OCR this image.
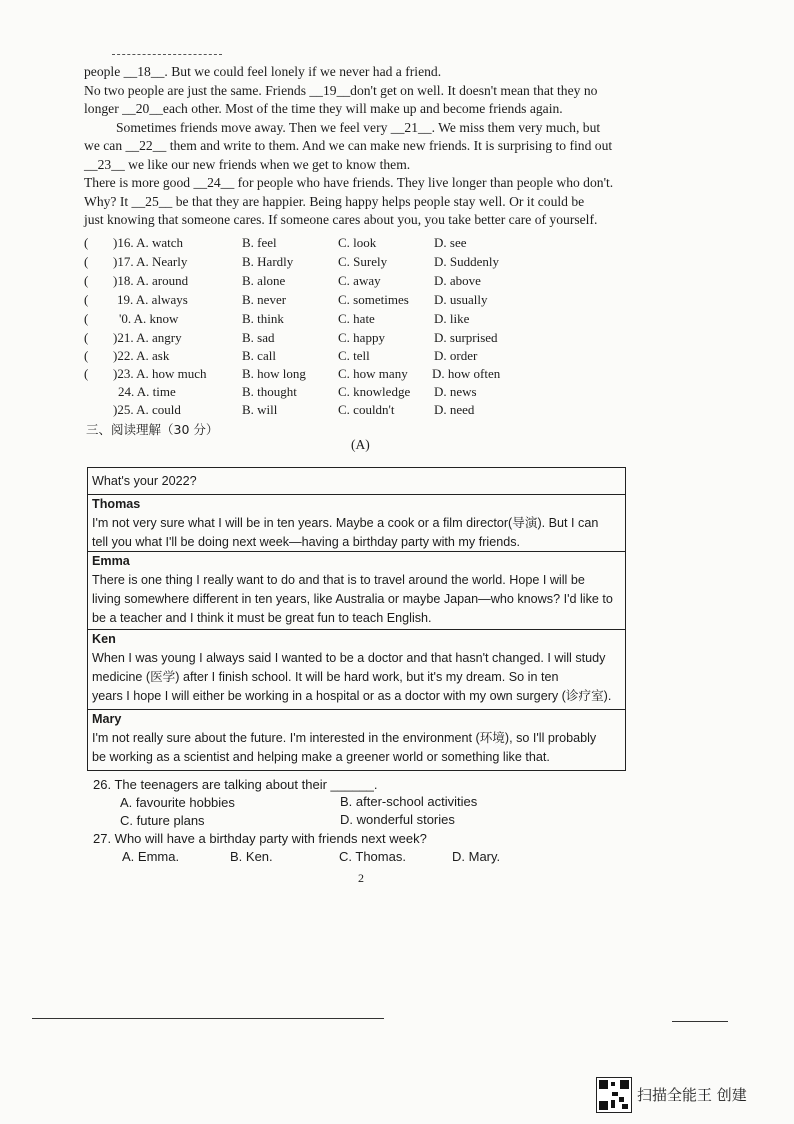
people __18__. But we could feel lonely if we never had a friend.

No two people are just the same. Friends __19__don't get on well. It doesn't mean that they no

longer __20__each other. Most of the time they will make up and become friends again.

Sometimes friends move away. Then we feel very __21__. We miss them very much, but

we can __22__ them and write to them. And we can make new friends. It is surprising to find out

__23__ we like our new friends when we get to know them.

There is more good __24__ for people who have friends. They live longer than people who don't.

Why? It __25__ be that they are happier. Being happy helps people stay well. Or it could be

just knowing that someone cares. If someone cares about you, you take better care of yourself.

( )16. A. watch	B. feel	C. look	D. see
( )17. A. Nearly	B. Hardly	C. Surely	D. Suddenly
( )18. A. around	B. alone	C. away	D. above
( 19. A. always	B. never	C. sometimes D. usually
( '0. A. know	B. think	C. hate	D. like
( )21. A. angry	B. sad	C. happy	D. surprised
( )22. A. ask	B. call	C. tell	D. order
( )23. A. how much	B. how long C. how many D. how often
24. A. time	B. thought	C. knowledge D. news
)25. A. could	B. will	C. couldn't	D. need
三、阅读理解（30 分）
(A)
What's your 2022?
Thomas
I'm not very sure what I will be in ten years. Maybe a cook or a film director(导演). But I can
tell you what I'll be doing next week—having a birthday party with my friends.
Emma
There is one thing I really want to do and that is to travel around the world. Hope I will be
living somewhere different in ten years, like Australia or maybe Japan—who knows? I'd like to
be a teacher and I think it must be great fun to teach English.
Ken
When I was young I always said I wanted to be a doctor and that hasn't changed. I will study
medicine (医学) after I finish school. It will be hard work, but it's my dream. So in ten
years I hope I will either be working in a hospital or as a doctor with my own surgery (诊疗室).
Mary
I'm not really sure about the future. I'm interested in the environment (环境), so I'll probably
be working as a scientist and helping make a greener world or something like that.
26. The teenagers are talking about their ______.
A. favourite hobbies	B. after-school activities
C. future plans	D. wonderful stories
27. Who will have a birthday party with friends next week?
A. Emma.	B. Ken.	C. Thomas.	D. Mary.
2
扫描全能王 创建
